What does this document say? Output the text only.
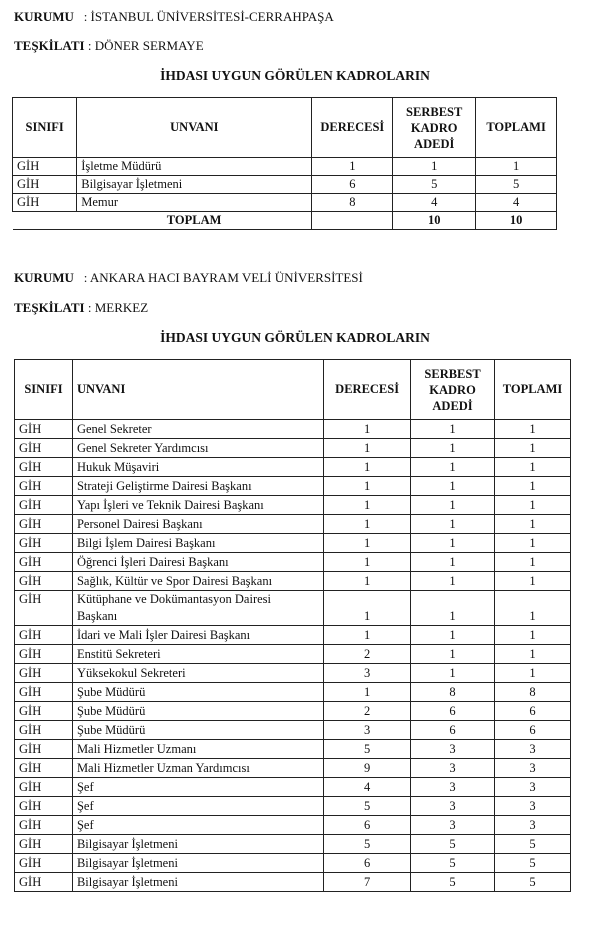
KURUMU : İSTANBUL ÜNİVERSİTESİ-CERRAHPAŞA
TEŞKİLATI : DÖNER SERMAYE
İHDASI UYGUN GÖRÜLEN KADROLARIN
SINIFI	UNVANI	DERECESİ	SERBEST
KADRO
ADEDİ	TOPLAMI
GİH	İşletme Müdürü	1	1	1
GİH	Bilgisayar İşletmeni	6	5	5
GİH	Memur	8	4	4
	TOPLAM		10	10
KURUMU : ANKARA HACI BAYRAM VELİ ÜNİVERSİTESİ
TEŞKİLATI : MERKEZ
İHDASI UYGUN GÖRÜLEN KADROLARIN
SINIFI	UNVANI	DERECESİ	SERBEST
KADRO
ADEDİ	TOPLAMI
GİH	Genel Sekreter	1	1	1
GİH	Genel Sekreter Yardımcısı	1	1	1
GİH	Hukuk Müşaviri	1	1	1
GİH	Strateji Geliştirme Dairesi Başkanı	1	1	1
GİH	Yapı İşleri ve Teknik Dairesi Başkanı	1	1	1
GİH	Personel Dairesi Başkanı	1	1	1
GİH	Bilgi İşlem Dairesi Başkanı	1	1	1
GİH	Öğrenci İşleri Dairesi Başkanı	1	1	1
GİH	Sağlık, Kültür ve Spor Dairesi Başkanı	1	1	1
GİH	Kütüphane ve Dokümantasyon Dairesi
Başkanı	1	1	1
GİH	İdari ve Mali İşler Dairesi Başkanı	1	1	1
GİH	Enstitü Sekreteri	2	1	1
GİH	Yüksekokul Sekreteri	3	1	1
GİH	Şube Müdürü	1	8	8
GİH	Şube Müdürü	2	6	6
GİH	Şube Müdürü	3	6	6
GİH	Mali Hizmetler Uzmanı	5	3	3
GİH	Mali Hizmetler Uzman Yardımcısı	9	3	3
GİH	Şef	4	3	3
GİH	Şef	5	3	3
GİH	Şef	6	3	3
GİH	Bilgisayar İşletmeni	5	5	5
GİH	Bilgisayar İşletmeni	6	5	5
GİH	Bilgisayar İşletmeni	7	5	5
